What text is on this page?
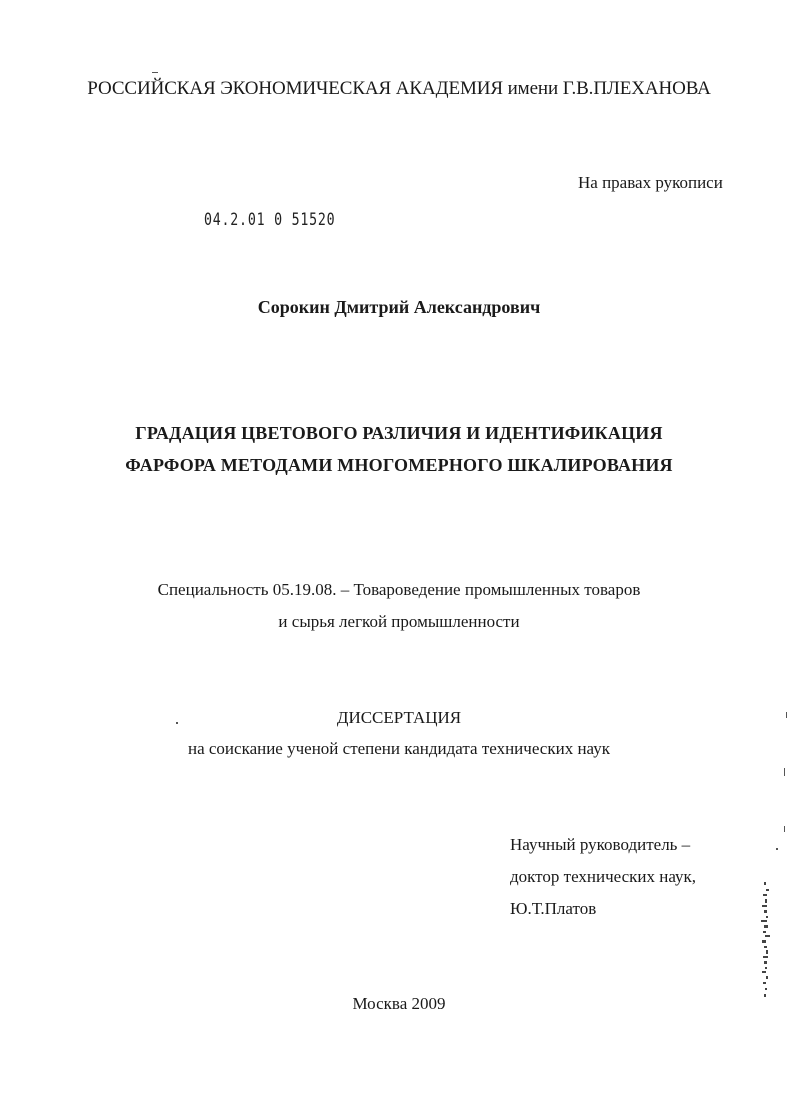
РОССИЙСКАЯ ЭКОНОМИЧЕСКАЯ АКАДЕМИЯ имени Г.В.ПЛЕХАНОВА
На правах рукописи
04.2.01 0 51520
Сорокин Дмитрий Александрович
ГРАДАЦИЯ ЦВЕТОВОГО РАЗЛИЧИЯ И ИДЕНТИФИКАЦИЯ
ФАРФОРА МЕТОДАМИ МНОГОМЕРНОГО ШКАЛИРОВАНИЯ
Специальность 05.19.08. – Товароведение промышленных товаров
и сырья легкой промышленности
ДИССЕРТАЦИЯ
на соискание ученой степени кандидата технических наук
Научный руководитель –
доктор технических наук,
Ю.Т.Платов
Москва 2009
